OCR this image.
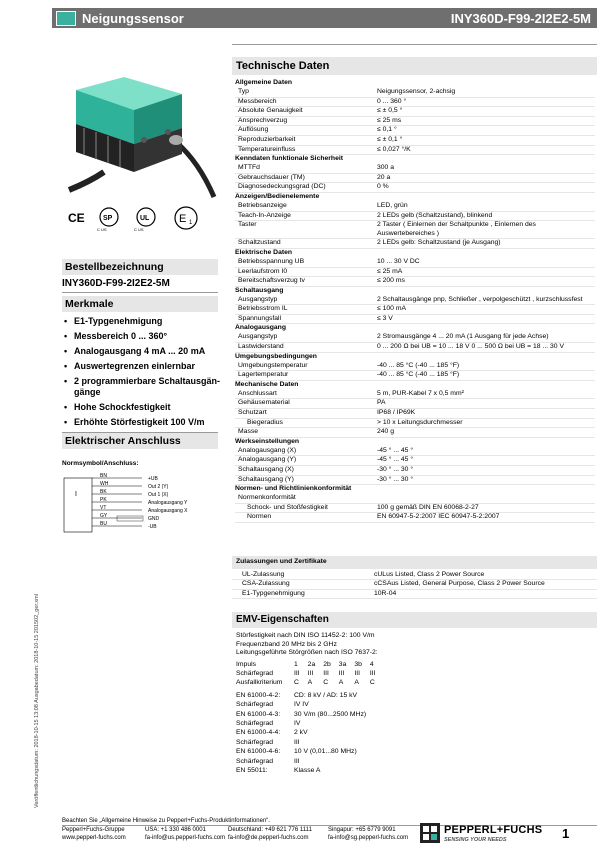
Neigungssensor	INY360D-F99-2I2E2-5M
CE	SP
C US
UL
C US
E 1
Bestellbezeichnung
INY360D-F99-2I2E2-5M
Merkmale
• E1-Typgenehmigung
• Messbereich 0 ... 360°
• Analogausgang 4 mA ... 20 mA
• Auswertegrenzen einlernbar
• 2 programmierbare Schaltausgän-gänge
• Hohe Schockfestigkeit
• Erhöhte Störfestigkeit 100 V/m
Elektrischer Anschluss
Normsymbol/Anschluss:
I
BN
WH
BK
PK
VT
GY
BU
+UB
Out 2 (Y)
Out 1 (X)
Analogausgang Y
Analogausgang X
GND
-UB
Veröffentlichungsdatum: 2018-10-15 13:08 Ausgabedatum: 2018-10-15 201502_ger.xml
Technische Daten
Allgemeine Daten
Typ	Neigungssensor, 2-achsig
Messbereich	0 ... 360 °
Absolute Genauigkeit	≤ ± 0,5 °
Ansprechverzug	≤ 25 ms
Auflösung	≤ 0,1 °
Reproduzierbarkeit	≤ ± 0,1 °
Temperatureinfluss	≤ 0,027 °/K
Kenndaten funktionale Sicherheit
MTTFd	300 a
Gebrauchsdauer (TM)	20 a
Diagnosedeckungsgrad (DC)	0 %
Anzeigen/Bedienelemente
Betriebsanzeige	LED, grün
Teach-In-Anzeige	2 LEDs gelb (Schaltzustand), blinkend
Taster	2 Taster ( Einlernen der Schaltpunkte , Einlernen des Auswertebereiches )
Schaltzustand	2 LEDs gelb: Schaltzustand (je Ausgang)
Elektrische Daten
Betriebsspannung UB	10 ... 30 V DC
Leerlaufstrom I0	≤ 25 mA
Bereitschaftsverzug tv	≤ 200 ms
Schaltausgang
Ausgangstyp	2 Schaltausgänge pnp, Schließer , verpolgeschützt , kurzschlussfest
Betriebsstrom IL	≤ 100 mA
Spannungsfall	≤ 3 V
Analogausgang
Ausgangstyp	2 Stromausgänge 4 ... 20 mA (1 Ausgang für jede Achse)
Lastwiderstand	0 ... 200 Ω bei UB = 10 ... 18 V 0 ... 500 Ω bei UB = 18 ... 30 V
Umgebungsbedingungen
Umgebungstemperatur	-40 ... 85 °C (-40 ... 185 °F)
Lagertemperatur	-40 ... 85 °C (-40 ... 185 °F)
Mechanische Daten
Anschlussart	5 m, PUR-Kabel 7 x 0,5 mm²
Gehäusematerial	PA
Schutzart	IP68 / IP69K
Biegeradius	> 10 x Leitungsdurchmesser
Masse	240 g
Werkseinstellungen
Analogausgang (X)	-45 ° ... 45 °
Analogausgang (Y)	-45 ° ... 45 °
Schaltausgang (X)	-30 ° ... 30 °
Schaltausgang (Y)	-30 ° ... 30 °
Normen- und Richtlinienkonformität
Normenkonformität
Schock- und Stoßfestigkeit	100 g gemäß DIN EN 60068-2-27
Normen	EN 60947-5-2:2007 IEC 60947-5-2:2007
Zulassungen und Zertifikate
UL-Zulassung	cULus Listed, Class 2 Power Source
CSA-Zulassung	cCSAus Listed, General Purpose, Class 2 Power Source
E1-Typgenehmigung	10R-04
EMV-Eigenschaften

Störfestigkeit nach DIN ISO 11452-2: 100 V/m

Frequenzband 20 MHz bis 2 GHz

Leitungsgeführte Störgrößen nach ISO 7637-2:

Impuls	1	2a	2b	3a	3b	4
Schärfegrad	III	III	III	III	III	III
Ausfallkriterium	C	A	C	A	A	C
EN 61000-4-2:	CD: 8 kV / AD: 15 kV
Schärfegrad	IV IV
EN 61000-4-3:	30 V/m (80...2500 MHz)
Schärfegrad	IV
EN 61000-4-4:	2 kV
Schärfegrad	III
EN 61000-4-6:	10 V (0,01...80 MHz)
Schärfegrad	III
EN 55011:	Klasse A
Beachten Sie „Allgemeine Hinweise zu Pepperl+Fuchs-Produktinformationen“.
Pepperl+Fuchs-Gruppe
www.pepperl-fuchs.com
USA: +1 330 486 0001
fa-info@us.pepperl-fuchs.com
Deutschland: +49 621 776 1111
fa-info@de.pepperl-fuchs.com
Singapur: +65 6779 9091
fa-info@sg.pepperl-fuchs.com
PEPPERL+FUCHS
SENSING YOUR NEEDS	1
